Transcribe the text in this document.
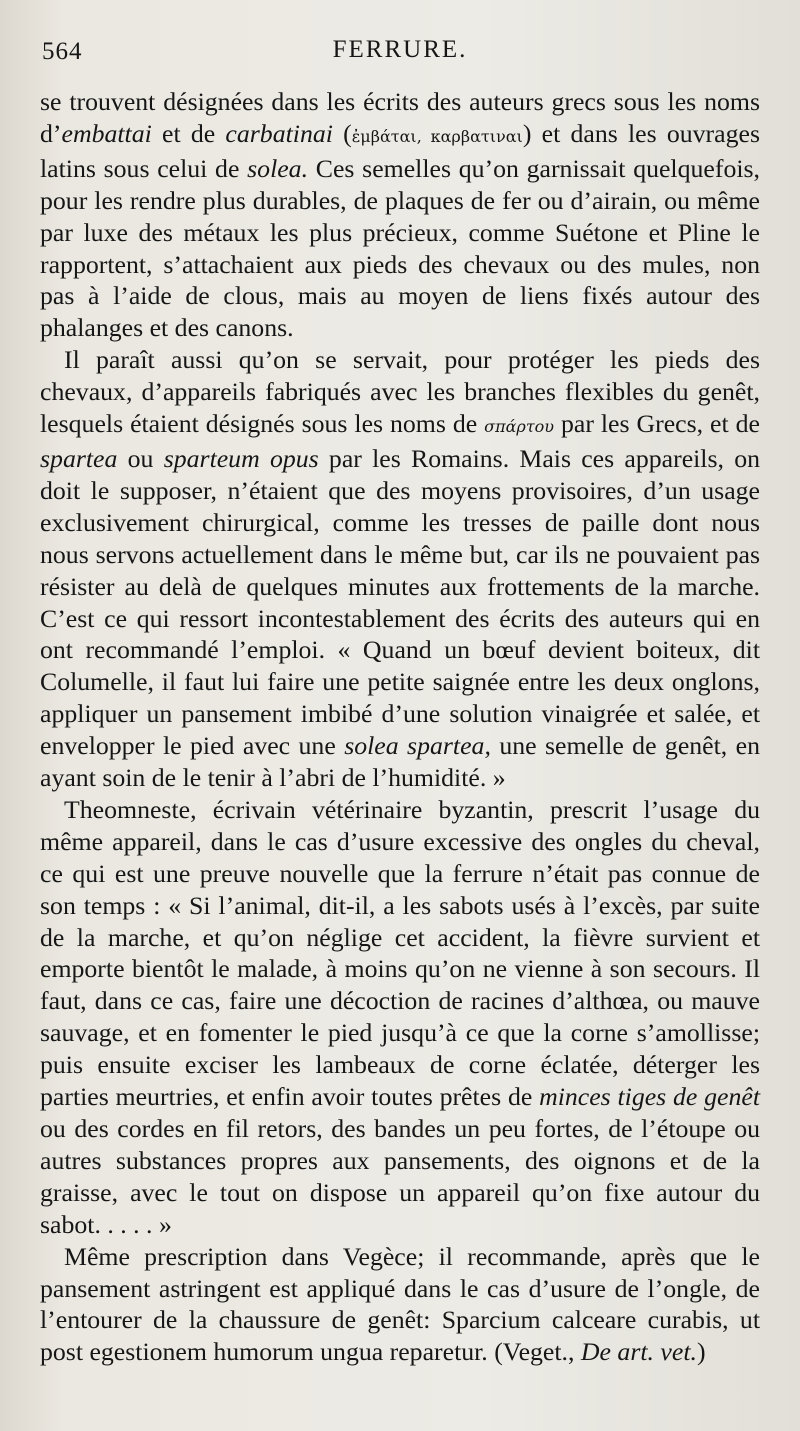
564	FERRURE.

se trouvent désignées dans les écrits des auteurs grecs sous les noms d’embattai et de carbatinai (ἐμβάται, καρβατιναι) et dans les ouvrages latins sous celui de solea. Ces semelles qu’on garnissait quelquefois, pour les rendre plus durables, de plaques de fer ou d’airain, ou même par luxe des métaux les plus précieux, comme Suétone et Pline le rapportent, s’attachaient aux pieds des chevaux ou des mules, non pas à l’aide de clous, mais au moyen de liens fixés autour des phalanges et des canons.

Il paraît aussi qu’on se servait, pour protéger les pieds des chevaux, d’appareils fabriqués avec les branches flexibles du genêt, lesquels étaient désignés sous les noms de σπάρτου par les Grecs, et de spartea ou sparteum opus par les Romains. Mais ces appareils, on doit le supposer, n’étaient que des moyens provisoires, d’un usage exclusivement chirurgical, comme les tresses de paille dont nous nous servons actuellement dans le même but, car ils ne pouvaient pas résister au delà de quelques minutes aux frottements de la marche. C’est ce qui ressort incontestablement des écrits des auteurs qui en ont recommandé l’emploi. « Quand un bœuf devient boiteux, dit Columelle, il faut lui faire une petite saignée entre les deux onglons, appliquer un pansement imbibé d’une solution vinaigrée et salée, et envelopper le pied avec une solea spartea, une semelle de genêt, en ayant soin de le tenir à l’abri de l’humidité. »

Theomneste, écrivain vétérinaire byzantin, prescrit l’usage du même appareil, dans le cas d’usure excessive des ongles du cheval, ce qui est une preuve nouvelle que la ferrure n’était pas connue de son temps : « Si l’animal, dit-il, a les sabots usés à l’excès, par suite de la marche, et qu’on néglige cet accident, la fièvre survient et emporte bientôt le malade, à moins qu’on ne vienne à son secours. Il faut, dans ce cas, faire une décoction de racines d’althœa, ou mauve sauvage, et en fomenter le pied jusqu’à ce que la corne s’amollisse; puis ensuite exciser les lambeaux de corne éclatée, déterger les parties meurtries, et enfin avoir toutes prêtes de minces tiges de genêt ou des cordes en fil retors, des bandes un peu fortes, de l’étoupe ou autres substances propres aux pansements, des oignons et de la graisse, avec le tout on dispose un appareil qu’on fixe autour du sabot. . . . . »

Même prescription dans Vegèce; il recommande, après que le pansement astringent est appliqué dans le cas d’usure de l’ongle, de l’entourer de la chaussure de genêt: Sparcium calceare curabis, ut post egestionem humorum ungua reparetur. (Veget., De art. vet.)
